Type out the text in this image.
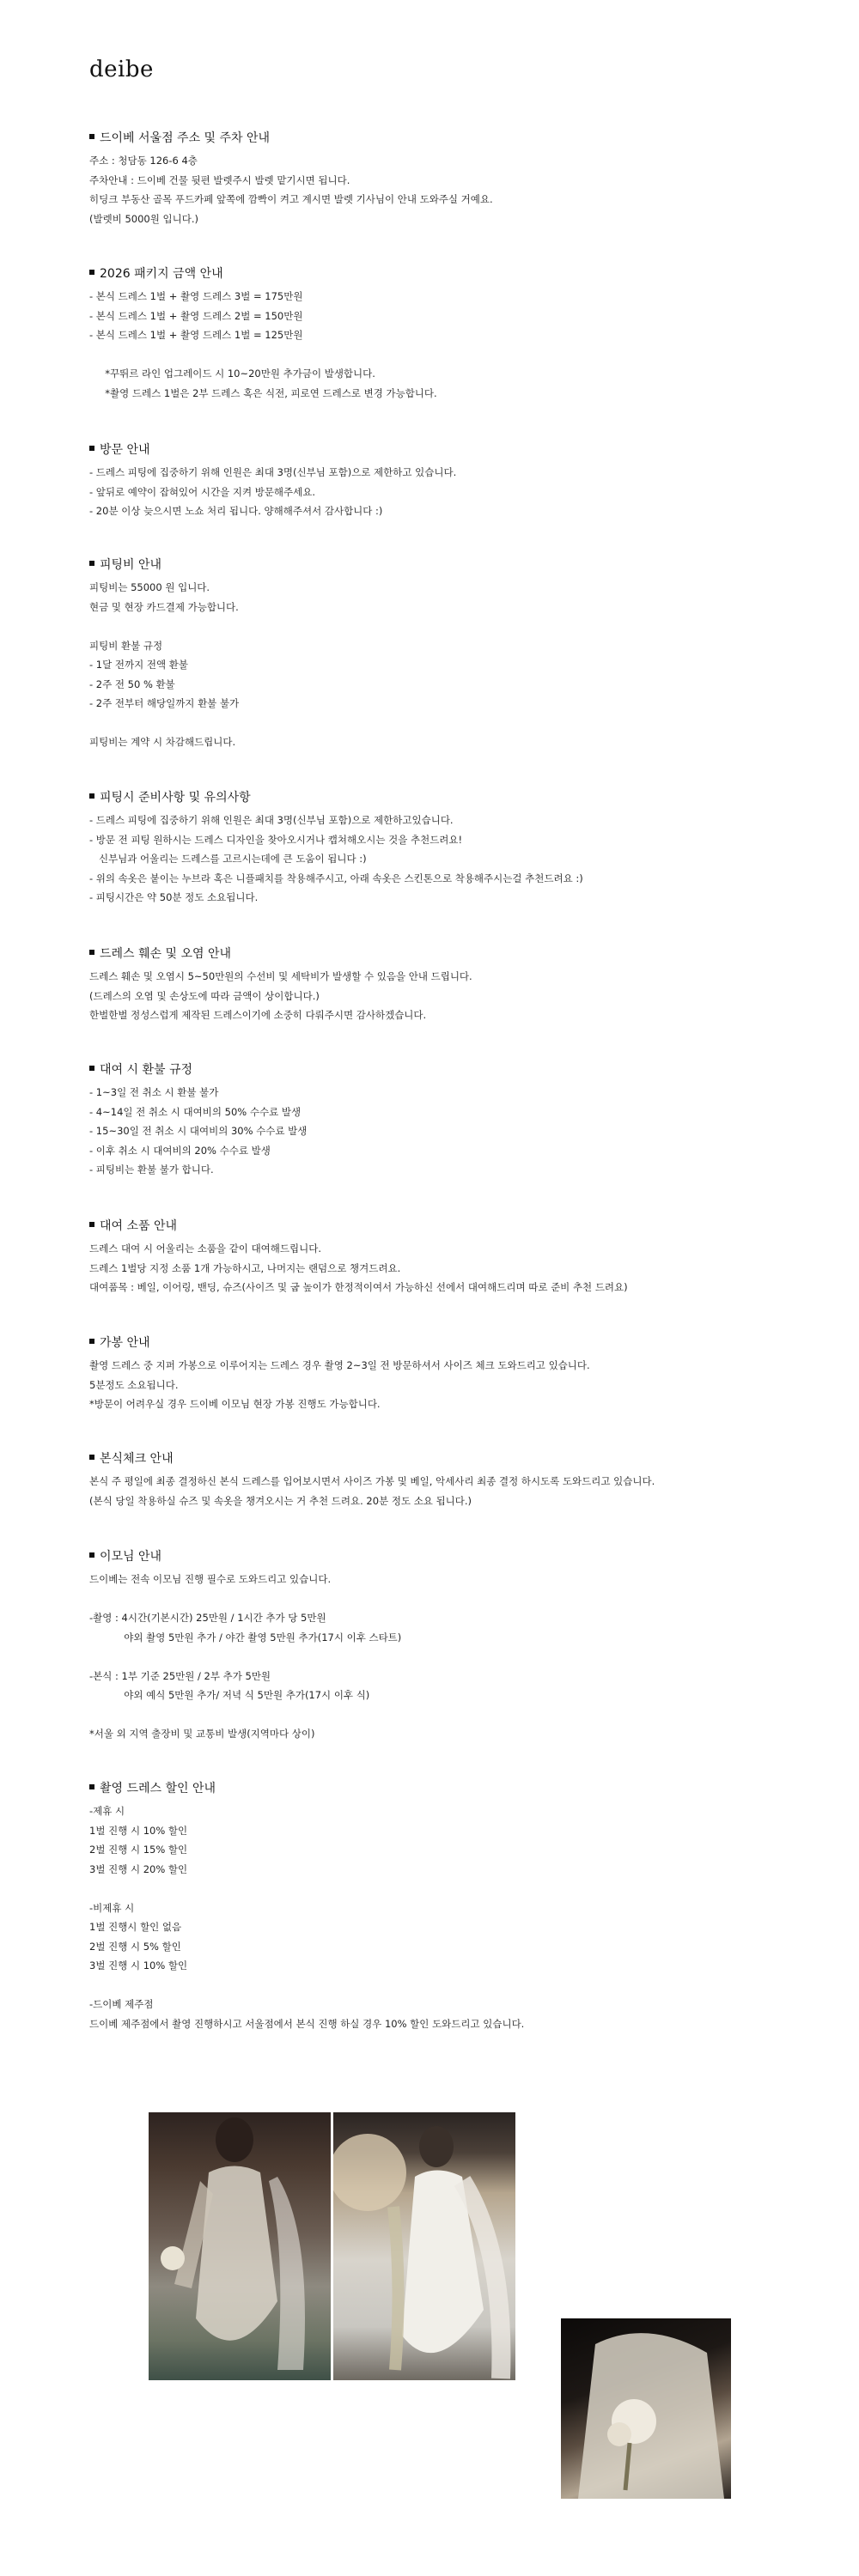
deibe
드이베 서울점 주소 및 주차 안내
주소 : 청담동 126-6 4층
주차안내 : 드이베 건물 뒷편 발렛주시 발렛 맡기시면 됩니다.
히딩크 부동산 골목 푸드카페 앞쪽에 깜빡이 켜고 계시면 발렛 기사님이 안내 도와주실 거예요.
(발렛비 5000원 입니다.)
2026 패키지 금액 안내
- 본식 드레스 1벌 + 촬영 드레스 3벌 = 175만원
- 본식 드레스 1벌 + 촬영 드레스 2벌 = 150만원
- 본식 드레스 1벌 + 촬영 드레스 1벌 = 125만원
*꾸뛰르 라인 업그레이드 시 10~20만원 추가금이 발생합니다.
*촬영 드레스 1벌은 2부 드레스 혹은 식전, 피로연 드레스로 변경 가능합니다.
방문 안내
- 드레스 피팅에 집중하기 위해 인원은 최대 3명(신부님 포함)으로 제한하고 있습니다.
- 앞뒤로 예약이 잡혀있어 시간을 지켜 방문해주세요.
- 20분 이상 늦으시면 노쇼 처리 됩니다. 양해해주셔서 감사합니다 :)
피팅비 안내
피팅비는 55000 원 입니다.
현금 및 현장 카드결제 가능합니다.
피팅비 환불 규정
- 1달 전까지 전액 환불
- 2주 전 50 % 환불
- 2주 전부터 해당일까지 환불 불가
피팅비는 계약 시 차감해드립니다.
피팅시 준비사항 및 유의사항
- 드레스 피팅에 집중하기 위해 인원은 최대 3명(신부님 포함)으로 제한하고있습니다.
- 방문 전 피팅 원하시는 드레스 디자인을 찾아오시거나 캡쳐해오시는 것을 추천드려요!
신부님과 어울리는 드레스를 고르시는데에 큰 도움이 됩니다 :)
- 위의 속옷은 붙이는 누브라 혹은 니플패치를 착용해주시고, 아래 속옷은 스킨톤으로 착용해주시는걸 추천드려요 :)
- 피팅시간은 약 50분 정도 소요됩니다.
드레스 훼손 및 오염 안내
드레스 훼손 및 오염시 5~50만원의 수선비 및 세탁비가 발생할 수 있음을 안내 드립니다.
(드레스의 오염 및 손상도에 따라 금액이 상이합니다.)
한벌한벌 정성스럽게 제작된 드레스이기에 소중히 다뤄주시면 감사하겠습니다.
대여 시 환불 규정
- 1~3일 전 취소 시 환불 불가
- 4~14일 전 취소 시 대여비의 50% 수수료 발생
- 15~30일 전 취소 시 대여비의 30% 수수료 발생
- 이후 취소 시 대여비의 20% 수수료 발생
- 피팅비는 환불 불가 합니다.
대여 소품 안내
드레스 대여 시 어울리는 소품을 같이 대여해드립니다.
드레스 1벌당 지정 소품 1개 가능하시고, 나머지는 랜덤으로 챙겨드려요.
대여품목 : 베일, 이어링, 밴딩, 슈즈(사이즈 및 굽 높이가 한정적이여서 가능하신 선에서 대여해드리며 따로 준비 추천 드려요)
가봉 안내
촬영 드레스 중 지퍼 가봉으로 이루어지는 드레스 경우 촬영 2~3일 전 방문하셔서 사이즈 체크 도와드리고 있습니다.
5분정도 소요됩니다.
*방문이 어려우실 경우 드이베 이모님 현장 가봉 진행도 가능합니다.
본식체크 안내
본식 주 평일에 최종 결정하신 본식 드레스를 입어보시면서 사이즈 가봉 및 베일, 악세사리 최종 결정 하시도록 도와드리고 있습니다.
(본식 당일 착용하실 슈즈 및 속옷을 챙겨오시는 거 추천 드려요. 20분 정도 소요 됩니다.)
이모님 안내
드이베는 전속 이모님 진행 필수로 도와드리고 있습니다.
-촬영 : 4시간(기본시간) 25만원 / 1시간 추가 당 5만원
야외 촬영 5만원 추가 / 야간 촬영 5만원 추가(17시 이후 스타트)
-본식 : 1부 기준 25만원 / 2부 추가 5만원
야외 예식 5만원 추가/ 저녁 식 5만원 추가(17시 이후 식)
*서울 외 지역 출장비 및 교통비 발생(지역마다 상이)
촬영 드레스 할인 안내
-제휴 시
1벌 진행 시 10% 할인
2벌 진행 시 15% 할인
3벌 진행 시 20% 할인
-비제휴 시
1벌 진행시 할인 없음
2벌 진행 시 5% 할인
3벌 진행 시 10% 할인
-드이베 제주점
드이베 제주점에서 촬영 진행하시고 서울점에서 본식 진행 하실 경우 10% 할인 도와드리고 있습니다.
